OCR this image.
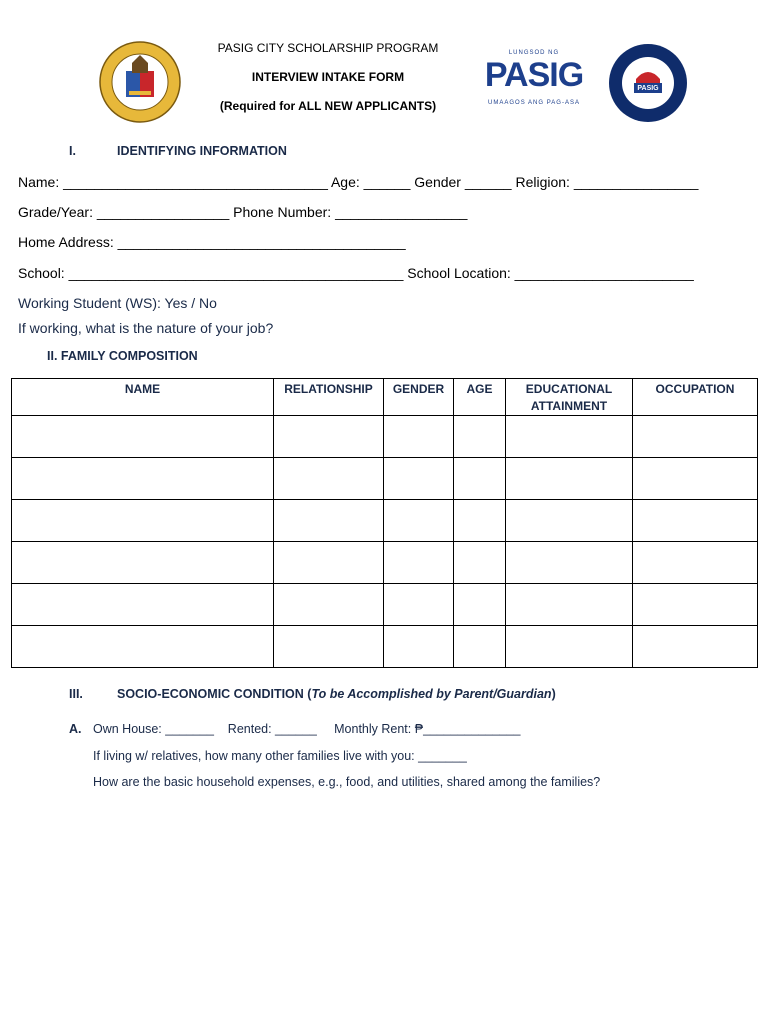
PASIG CITY SCHOLARSHIP PROGRAM
INTERVIEW INTAKE FORM
(Required for ALL NEW APPLICANTS)
LUNGSOD NG
PASIG
UMAAGOS ANG PAG-ASA
PASIG
I.	IDENTIFYING INFORMATION
Name: __________________________________ Age: ______ Gender ______ Religion: ________________
Grade/Year: _________________ Phone Number: _________________
Home Address: _____________________________________
School: ___________________________________________ School Location: _______________________
Working Student (WS): Yes / No
If working, what is the nature of your job?
II. FAMILY COMPOSITION
NAME	RELATIONSHIP	GENDER	AGE	EDUCATIONAL ATTAINMENT	OCCUPATION

III.	SOCIO-ECONOMIC CONDITION (To be Accomplished by Parent/Guardian)
A. Own House: _______    Rented: ______     Monthly Rent: ₱______________
If living w/ relatives, how many other families live with you: _______
How are the basic household expenses, e.g., food, and utilities, shared among the families?
